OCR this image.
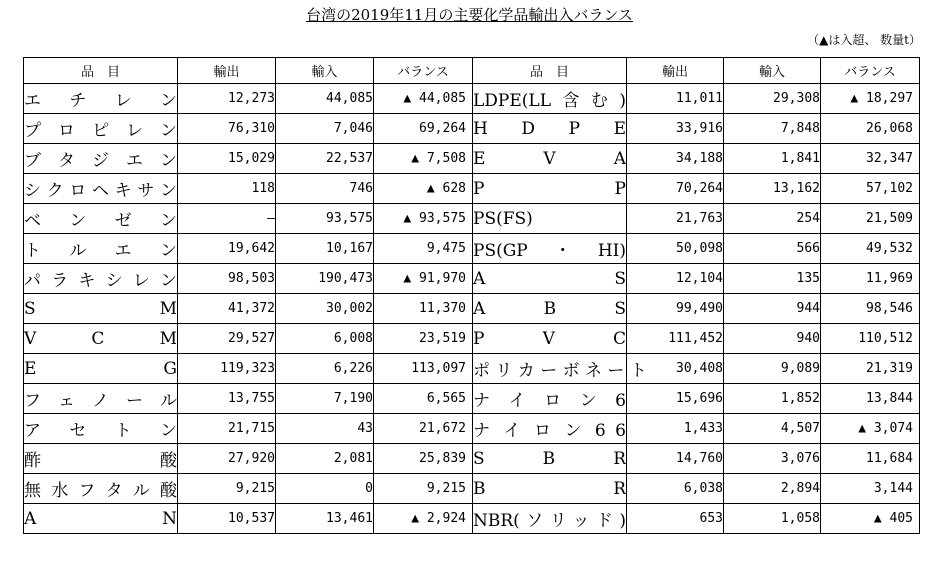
台湾の2019年11月の主要化学品輸出入バランス
（▲は入超、 数量t）
品　目	輸出	輸入	バランス	品　目	輸出	輸入	バランス

エ チ レ ン	12,273	44,085	▲ 44,085	LDPE(LL含む)	11,011	29,308	▲ 18,297

プ ロ ピ レ ン	76,310	7,046	69,264	H D P E	33,916	7,848	26,068

ブ タ ジ エ ン	15,029	22,537	▲ 7,508	E V A	34,188	1,841	32,347

シ ク ロ ヘ キ サ ン	118	746	▲ 628	P P	70,264	13,162	57,102

ベ ン ゼ ン	―	93,575	▲ 93,575	PS(FS)	21,763	254	21,509

ト ル エ ン	19,642	10,167	9,475	PS(GP・HI)	50,098	566	49,532

パ ラ キ シ レ ン	98,503	190,473	▲ 91,970	A S	12,104	135	11,969

S M	41,372	30,002	11,370	A B S	99,490	944	98,546

V C M	29,527	6,008	23,519	P V C	111,452	940	110,512

E G	119,323	6,226	113,097	ポ リ カ ー ボ ネ ー ト	30,408	9,089	21,319

フ ェ ノ ー ル	13,755	7,190	6,565	ナ イ ロ ン 6	15,696	1,852	13,844

ア セ ト ン	21,715	43	21,672	ナ イ ロ ン 6 6	1,433	4,507	▲ 3,074

酢 酸	27,920	2,081	25,839	S B R	14,760	3,076	11,684

無 水 フ タ ル 酸	9,215	0	9,215	B R	6,038	2,894	3,144

A N	10,537	13,461	▲ 2,924	NBR(ソリッド)	653	1,058	▲ 405
